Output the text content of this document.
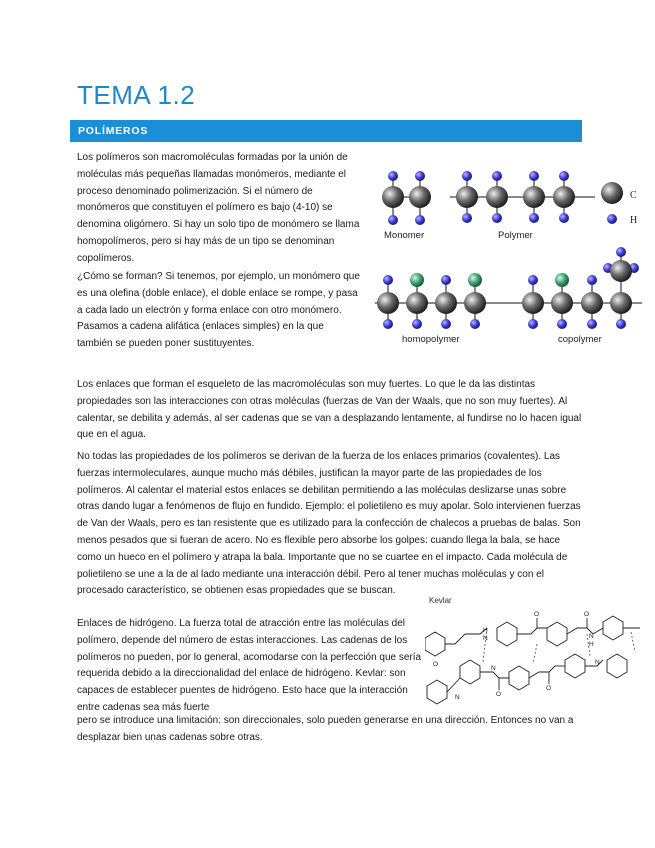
TEMA 1.2
POLÍMEROS

Los polímeros son macromoléculas formadas por la unión de moléculas más pequeñas llamadas monómeros, mediante el proceso denominado polimerización. Si el número de monómeros que constituyen el polímero es bajo (4-10) se denomina oligómero. Si hay un solo tipo de monómero se llama homopolímeros, pero si hay más de un tipo se denominan copolímeros.

¿Cómo se forman? Si tenemos, por ejemplo, un monómero que es una olefina (doble enlace), el doble enlace se rompe, y pasa a cada lado un electrón y forma enlace con otro monómero. Pasamos a cadena alifática (enlaces simples) en la que también se pueden poner sustituyentes.

Los enlaces que forman el esqueleto de las macromoléculas son muy fuertes. Lo que le da las distintas propiedades son las interacciones con otras moléculas (fuerzas de Van der Waals, que no son muy fuertes). Al calentar, se debilita y además, al ser cadenas que se van a desplazando lentamente, al fundirse no lo hacen igual que en el agua.

No todas las propiedades de los polímeros se derivan de la fuerza de los enlaces primarios (covalentes). Las fuerzas intermoleculares, aunque mucho más débiles, justifican la mayor parte de las propiedades de los polímeros. Al calentar el material estos enlaces se debilitan permitiendo a las moléculas deslizarse unas sobre otras dando lugar a fenómenos de flujo en fundido. Ejemplo: el polietileno es muy apolar. Solo intervienen fuerzas de Van der Waals, pero es tan resistente que es utilizado para la confección de chalecos a pruebas de balas. Son menos pesados que si fueran de acero. No es flexible pero absorbe los golpes: cuando llega la bala, se hace como un hueco en el polímero y atrapa la bala. Importante que no se cuartee en el impacto. Cada molécula de polietileno se une a la de al lado mediante una interacción débil. Pero al tener muchas moléculas y con el procesado característico, se obtienen esas propiedades que se buscan.

Enlaces de hidrógeno. La fuerza total de atracción entre las moléculas del polímero, depende del número de estas interacciones. Las cadenas de los polímeros no pueden, por lo general, acomodarse con la perfección que sería requerida debido a la direccionalidad del enlace de hidrógeno. Kevlar: son capaces de establecer puentes de hidrógeno. Esto hace que la interacción entre cadenas sea más fuerte

pero se introduce una limitación: son direccionales, solo pueden generarse en una dirección. Entonces no van a desplazar bien unas cadenas sobre otras.

C
H
Monomer	Polymer
homopolymer	copolymer
Kevlar
H
N
O	O
N
H
O
O
N
N
O
N
